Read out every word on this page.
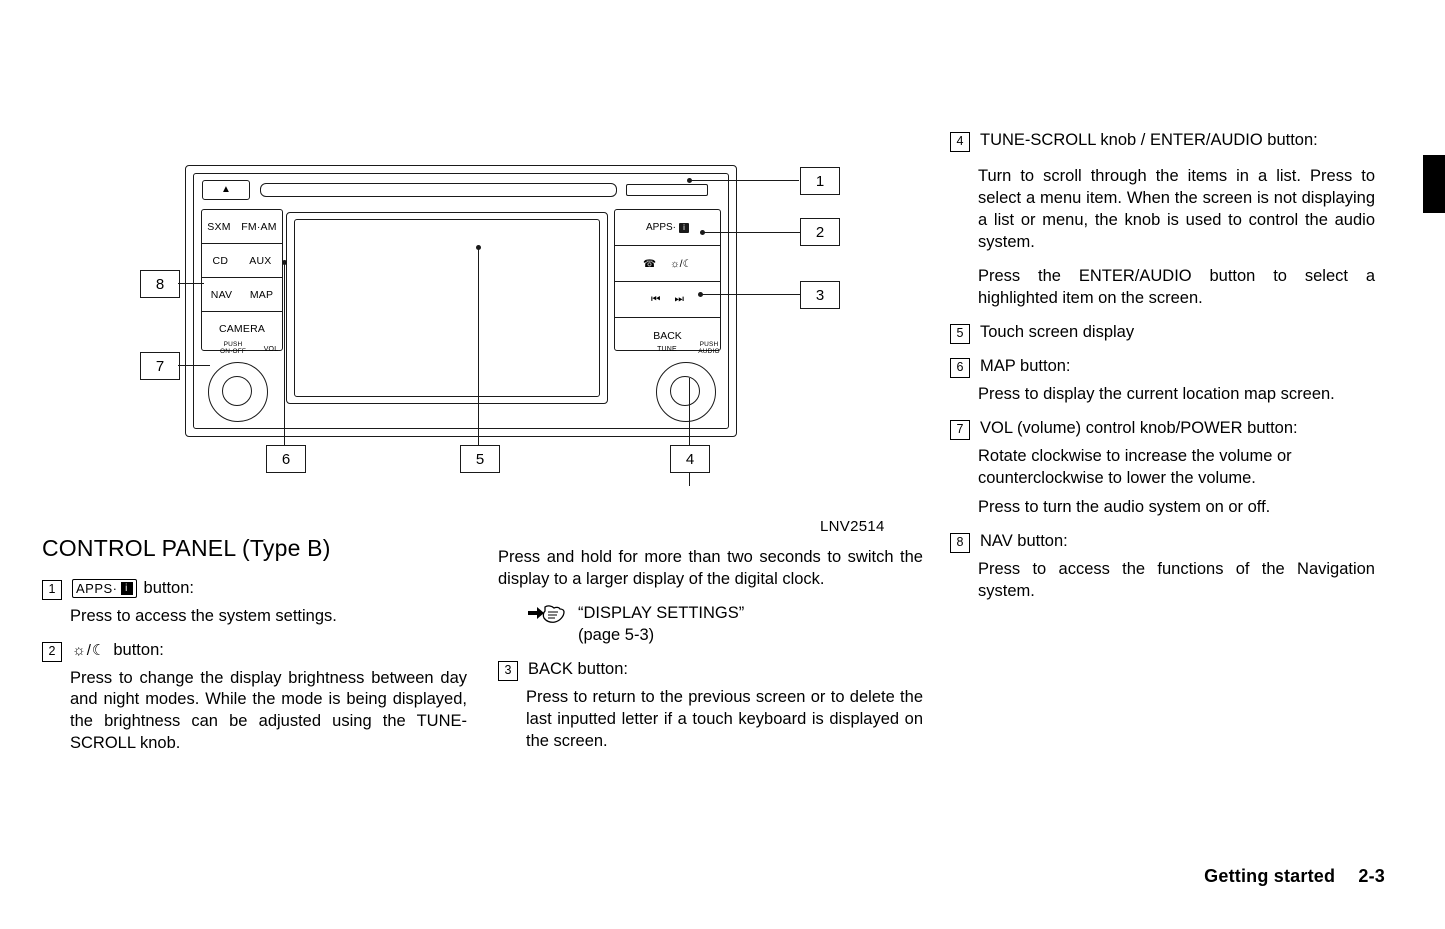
▲
SXM FM·AM
CD AUX
NAV MAP
CAMERA
PUSH
ON·OFF	VOL
APPS· i
☎ ☼/☾
⏮ ⏭
BACK
TUNE
PUSH
AUDIO
1
2
3
4
5
6
7
8
LNV2514
CONTROL PANEL (Type B)
1	APPS· i button:
Press to access the system settings.
2	☼/☾ button:
Press to change the display brightness between day and night modes. While the mode is being displayed, the brightness can be adjusted using the TUNE-SCROLL knob.
Press and hold for more than two seconds to switch the display to a larger display of the digital clock.
“DISPLAY SETTINGS”
(page 5-3)
3	BACK button:
Press to return to the previous screen or to delete the last inputted letter if a touch keyboard is displayed on the screen.
4	TUNE-SCROLL knob / ENTER/AUDIO button:
Turn to scroll through the items in a list. Press to select a menu item. When the screen is not displaying a list or menu, the knob is used to control the audio system.
Press the ENTER/AUDIO button to select a highlighted item on the screen.
5	Touch screen display
6	MAP button:
Press to display the current location map screen.
7	VOL (volume) control knob/POWER button:
Rotate clockwise to increase the volume or counterclockwise to lower the volume.
Press to turn the audio system on or off.
8	NAV button:
Press to access the functions of the Navigation system.
Getting started 2-3
